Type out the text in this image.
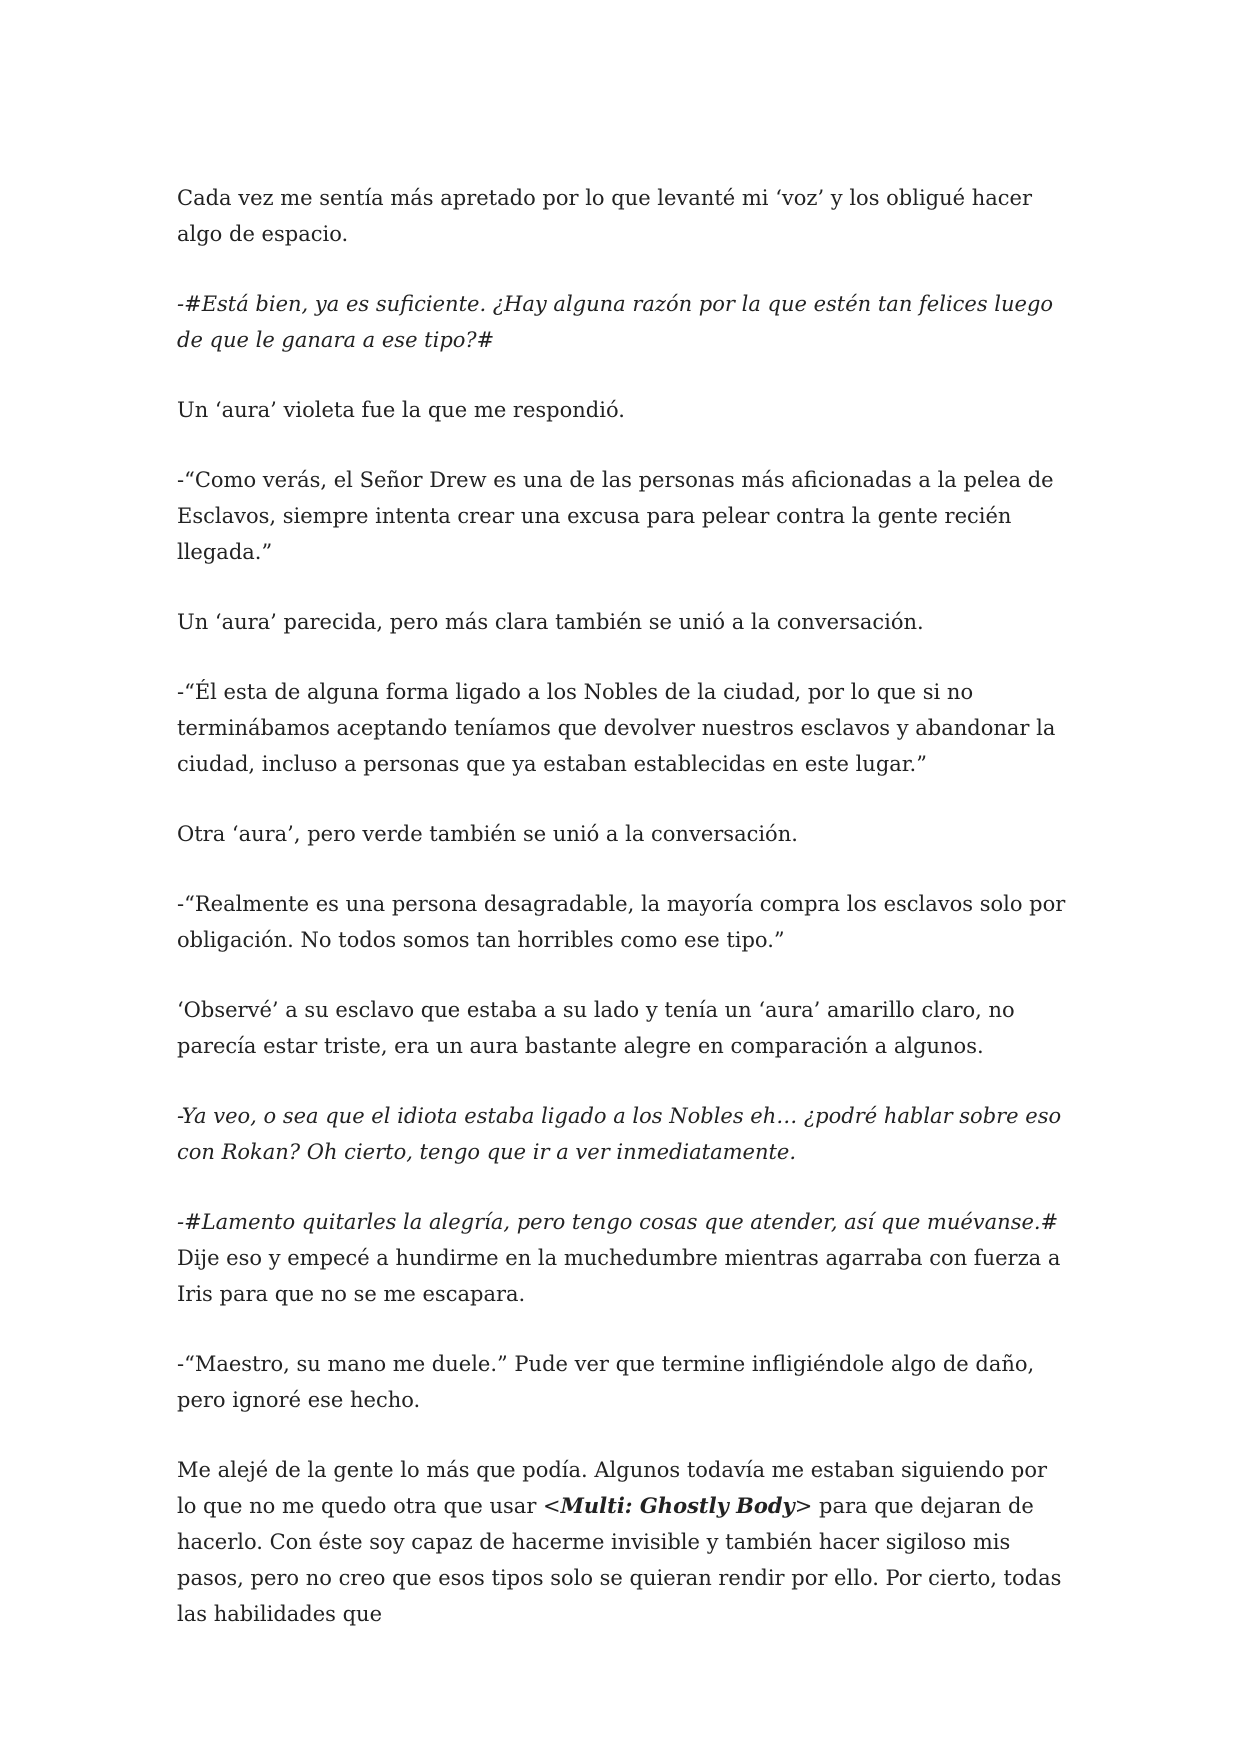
Cada vez me sentía más apretado por lo que levanté mi ‘voz’ y los obligué hacer algo de espacio.

-#Está bien, ya es suficiente. ¿Hay alguna razón por la que estén tan felices luego de que le ganara a ese tipo?#

Un ‘aura’ violeta fue la que me respondió.

-“Como verás, el Señor Drew es una de las personas más aficionadas a la pelea de Esclavos, siempre intenta crear una excusa para pelear contra la gente recién llegada.”

Un ‘aura’ parecida, pero más clara también se unió a la conversación.

-“Él esta de alguna forma ligado a los Nobles de la ciudad, por lo que si no terminábamos aceptando teníamos que devolver nuestros esclavos y abandonar la ciudad, incluso a personas que ya estaban establecidas en este lugar.”

Otra ‘aura’, pero verde también se unió a la conversación.

-“Realmente es una persona desagradable, la mayoría compra los esclavos solo por obligación. No todos somos tan horribles como ese tipo.”

‘Observé’ a su esclavo que estaba a su lado y tenía un ‘aura’ amarillo claro, no parecía estar triste, era un aura bastante alegre en comparación a algunos.

-Ya veo, o sea que el idiota estaba ligado a los Nobles eh… ¿podré hablar sobre eso con Rokan? Oh cierto, tengo que ir a ver inmediatamente.

-#Lamento quitarles la alegría, pero tengo cosas que atender, así que muévanse.# Dije eso y empecé a hundirme en la muchedumbre mientras agarraba con fuerza a Iris para que no se me escapara.

-“Maestro, su mano me duele.” Pude ver que termine infligiéndole algo de daño, pero ignoré ese hecho.

Me alejé de la gente lo más que podía. Algunos todavía me estaban siguiendo por lo que no me quedo otra que usar <Multi: Ghostly Body> para que dejaran de hacerlo. Con éste soy capaz de hacerme invisible y también hacer sigiloso mis pasos, pero no creo que esos tipos solo se quieran rendir por ello. Por cierto, todas las habilidades que
